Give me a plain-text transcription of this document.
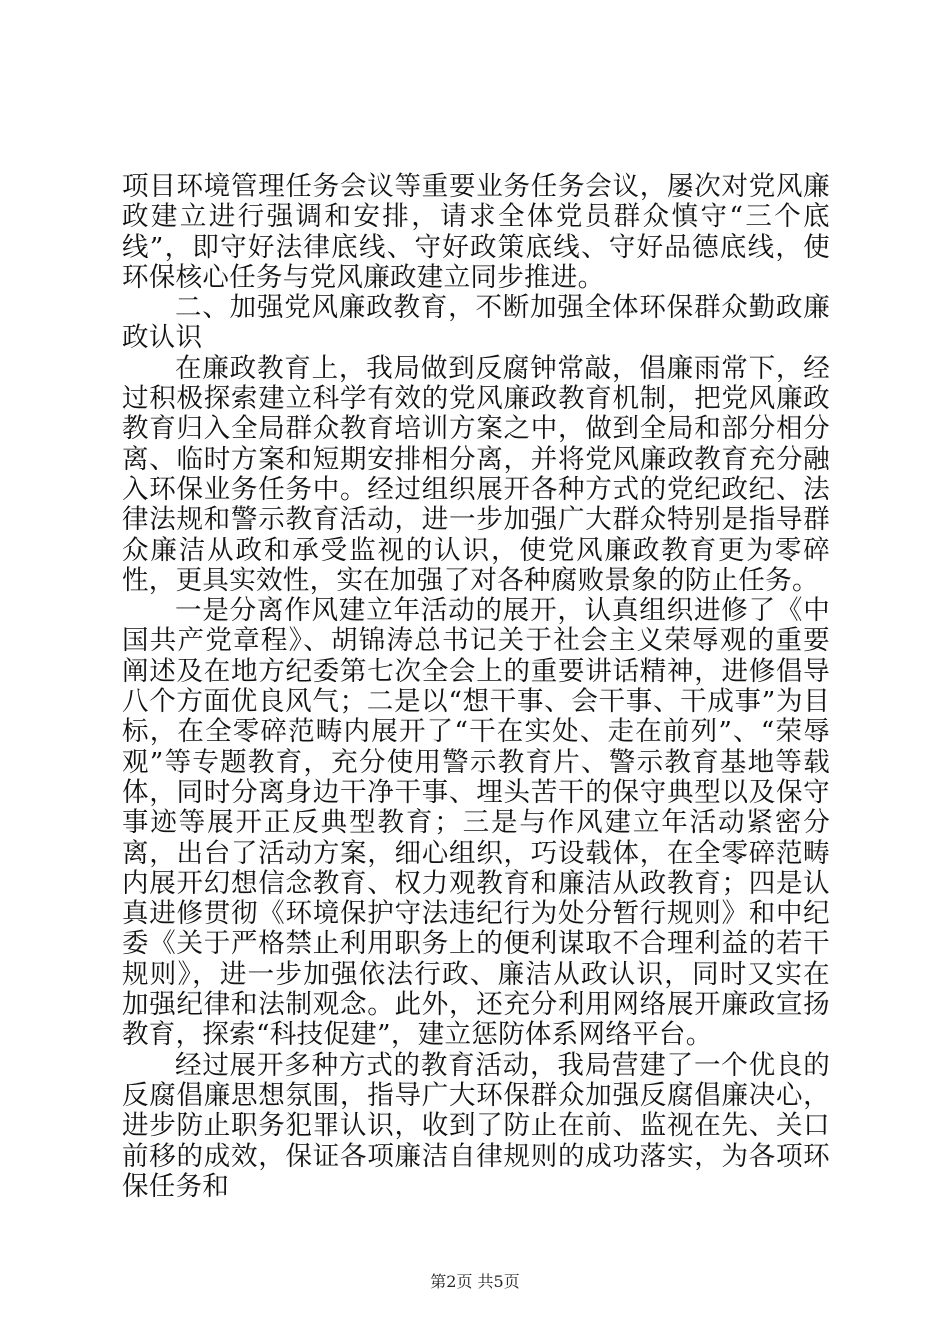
项目环境管理任务会议等重要业务任务会议，屡次对党风廉政建立进行强调和安排，请求全体党员群众慎守“三个底线”，即守好法律底线、守好政策底线、守好品德底线，使环保核心任务与党风廉政建立同步推进。

二、加强党风廉政教育，不断加强全体环保群众勤政廉政认识

在廉政教育上，我局做到反腐钟常敲，倡廉雨常下，经过积极探索建立科学有效的党风廉政教育机制，把党风廉政教育归入全局群众教育培训方案之中，做到全局和部分相分离、临时方案和短期安排相分离，并将党风廉政教育充分融入环保业务任务中。经过组织展开各种方式的党纪政纪、法律法规和警示教育活动，进一步加强广大群众特别是指导群众廉洁从政和承受监视的认识，使党风廉政教育更为零碎性，更具实效性，实在加强了对各种腐败景象的防止任务。

一是分离作风建立年活动的展开，认真组织进修了《中国共产党章程》、胡锦涛总书记关于社会主义荣辱观的重要阐述及在地方纪委第七次全会上的重要讲话精神，进修倡导八个方面优良风气；二是以“想干事、会干事、干成事”为目标，在全零碎范畴内展开了“干在实处、走在前列”、“荣辱观”等专题教育，充分使用警示教育片、警示教育基地等载体，同时分离身边干净干事、埋头苦干的保守典型以及保守事迹等展开正反典型教育；三是与作风建立年活动紧密分离，出台了活动方案，细心组织，巧设载体，在全零碎范畴内展开幻想信念教育、权力观教育和廉洁从政教育；四是认真进修贯彻《环境保护守法违纪行为处分暂行规则》和中纪委《关于严格禁止利用职务上的便利谋取不合理利益的若干规则》，进一步加强依法行政、廉洁从政认识，同时又实在加强纪律和法制观念。此外，还充分利用网络展开廉政宣扬教育，探索“科技促建”，建立惩防体系网络平台。

经过展开多种方式的教育活动，我局营建了一个优良的反腐倡廉思想氛围，指导广大环保群众加强反腐倡廉决心，进步防止职务犯罪认识，收到了防止在前、监视在先、关口前移的成效，保证各项廉洁自律规则的成功落实，为各项环保任务和

第2页 共5页
